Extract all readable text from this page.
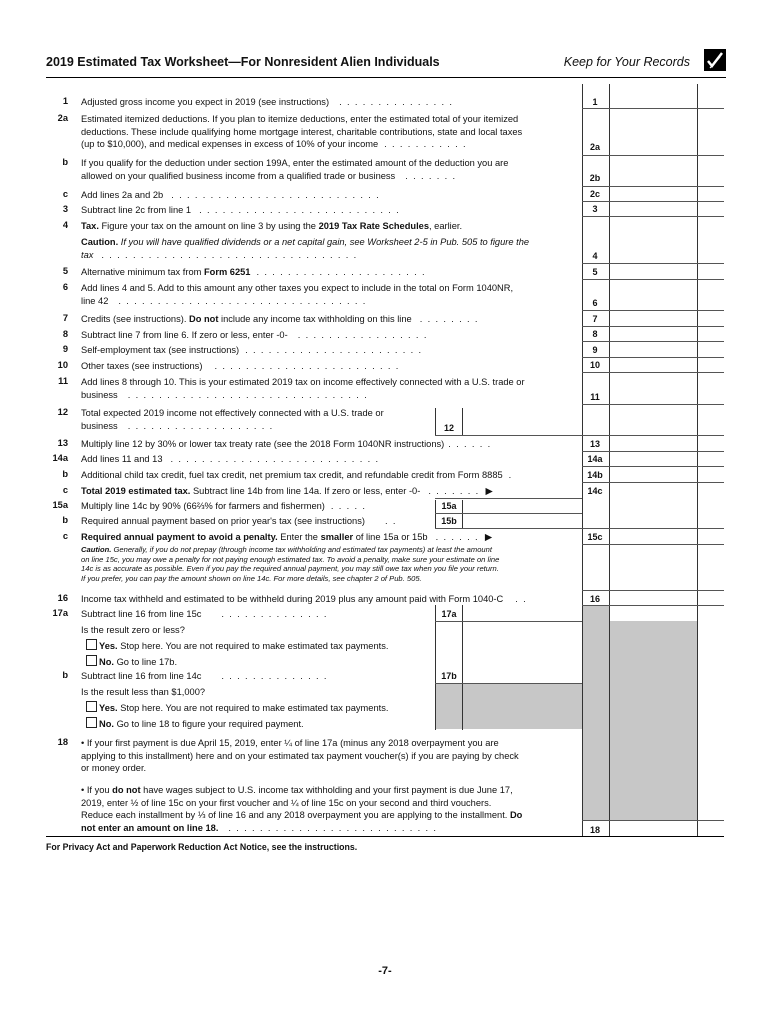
2019 Estimated Tax Worksheet—For Nonresident Alien Individuals	Keep for Your Records
1 Adjusted gross income you expect in 2019 (see instructions) ...............	1
2a Estimated itemized deductions. If you plan to itemize deductions, enter the estimated total of your itemized
deductions. These include qualifying home mortgage interest, charitable contributions, state and local taxes
(up to $10,000), and medical expenses in excess of 10% of your income ...........	2a
b If you qualify for the deduction under section 199A, enter the estimated amount of the deduction you are
allowed on your qualified business income from a qualified trade or business .......	2b
c Add lines 2a and 2b ...........................	2c
3 Subtract line 2c from line 1 ..........................	3
4 Tax. Figure your tax on the amount on line 3 by using the 2019 Tax Rate Schedules, earlier.
Caution. If you will have qualified dividends or a net capital gain, see Worksheet 2-5 in Pub. 505 to figure the
tax .................................	4
5 Alternative minimum tax from Form 6251 ......................	5
6 Add lines 4 and 5. Add to this amount any other taxes you expect to include in the total on Form 1040NR,
line 42 ................................	6
7 Credits (see instructions). Do not include any income tax withholding on this line ........	7
8 Subtract line 7 from line 6. If zero or less, enter -0- .................	8
9 Self-employment tax (see instructions) .......................	9
10 Other taxes (see instructions) ........................	10
11 Add lines 8 through 10. This is your estimated 2019 tax on income effectively connected with a U.S. trade or
business ...............................	11
12 Total expected 2019 income not effectively connected with a U.S. trade or
business ...................	12
13 Multiply line 12 by 30% or lower tax treaty rate (see the 2018 Form 1040NR instructions) ......	13
14a Add lines 11 and 13 ...........................	14a
b Additional child tax credit, fuel tax credit, net premium tax credit, and refundable credit from Form 8885 .	14b
c Total 2019 estimated tax. Subtract line 14b from line 14a. If zero or less, enter -0- ....... ▶	14c
15a Multiply line 14c by 90% (66⅔% for farmers and fishermen) .....	15a
b Required annual payment based on prior year's tax (see instructions) ..	15b
c Required annual payment to avoid a penalty. Enter the smaller of line 15a or 15b ...... ▶	15c
Caution. Generally, if you do not prepay (through income tax withholding and estimated tax payments) at least the amount
on line 15c, you may owe a penalty for not paying enough estimated tax. To avoid a penalty, make sure your estimate on line
14c is as accurate as possible. Even if you pay the required annual payment, you may still owe tax when you file your return.
If you prefer, you can pay the amount shown on line 14c. For more details, see chapter 2 of Pub. 505.
16 Income tax withheld and estimated to be withheld during 2019 plus any amount paid with Form 1040-C ..	16
17a Subtract line 16 from line 15c ..............	17a
Is the result zero or less?
Yes. Stop here. You are not required to make estimated tax payments.
No. Go to line 17b.
b Subtract line 16 from line 14c ..............	17b
Is the result less than $1,000?
Yes. Stop here. You are not required to make estimated tax payments.
No. Go to line 18 to figure your required payment.
18 • If your first payment is due April 15, 2019, enter ¼ of line 17a (minus any 2018 overpayment you are
applying to this installment) here and on your estimated tax payment voucher(s) if you are paying by check
or money order.
• If you do not have wages subject to U.S. income tax withholding and your first payment is due June 17,
2019, enter ½ of line 15c on your first voucher and ¼ of line 15c on your second and third vouchers.
Reduce each installment by ⅓ of line 16 and any 2018 overpayment you are applying to the installment. Do
not enter an amount on line 18. ...........................	18
For Privacy Act and Paperwork Reduction Act Notice, see the instructions.
-7-
